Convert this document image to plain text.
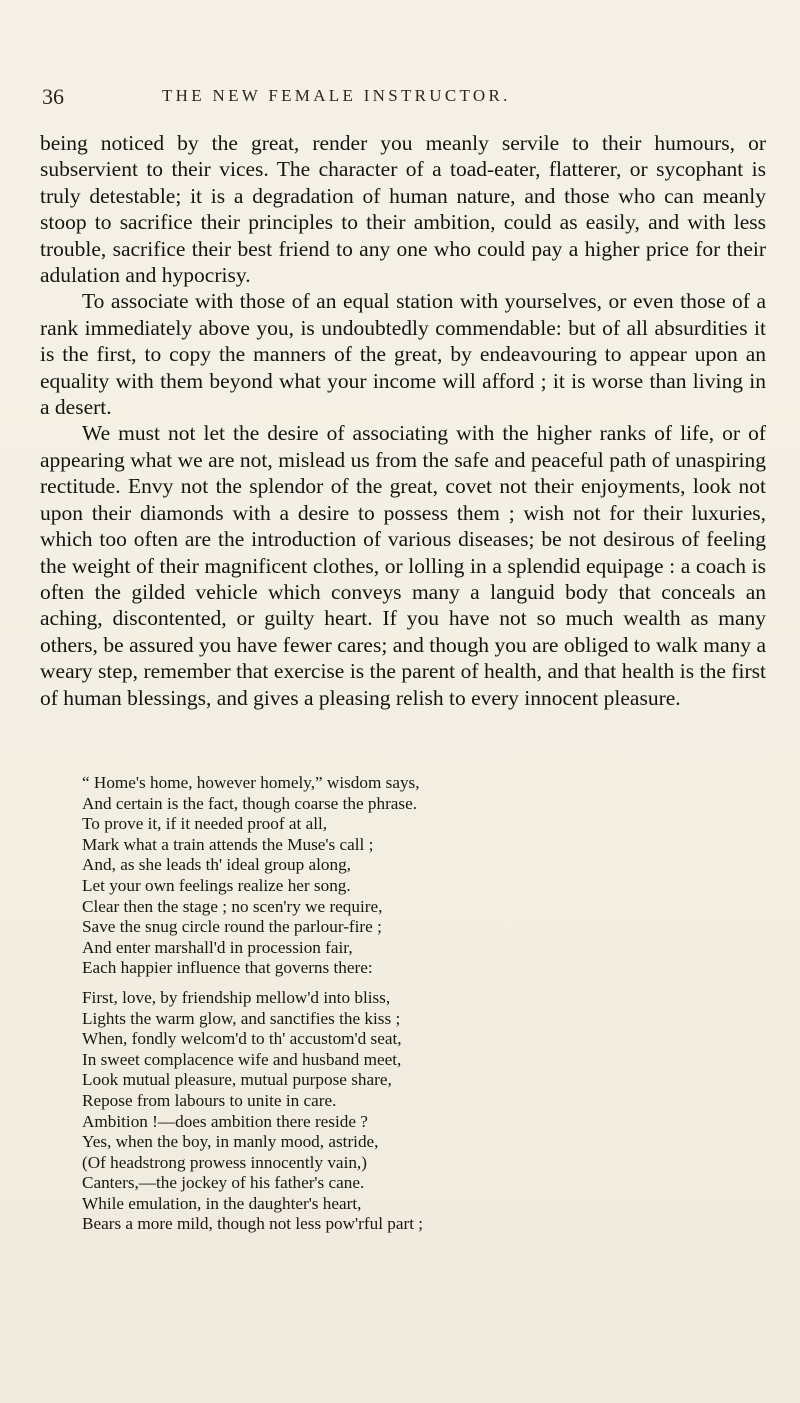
36	THE NEW FEMALE INSTRUCTOR.

being noticed by the great, render you meanly servile to their humours, or subservient to their vices. The character of a toad-eater, flatterer, or sycophant is truly detestable; it is a degradation of human nature, and those who can meanly stoop to sacrifice their principles to their ambition, could as easily, and with less trouble, sacrifice their best friend to any one who could pay a higher price for their adulation and hypocrisy.

To associate with those of an equal station with yourselves, or even those of a rank immediately above you, is undoubtedly commendable: but of all absurdities it is the first, to copy the manners of the great, by endeavouring to appear upon an equality with them beyond what your income will afford ; it is worse than living in a desert.

We must not let the desire of associating with the higher ranks of life, or of appearing what we are not, mislead us from the safe and peaceful path of unaspiring rectitude. Envy not the splendor of the great, covet not their enjoyments, look not upon their diamonds with a desire to possess them ; wish not for their luxuries, which too often are the introduction of various diseases; be not desirous of feeling the weight of their magnificent clothes, or lolling in a splendid equipage : a coach is often the gilded vehicle which conveys many a languid body that conceals an aching, discontented, or guilty heart. If you have not so much wealth as many others, be assured you have fewer cares; and though you are obliged to walk many a weary step, remember that exercise is the parent of health, and that health is the first of human blessings, and gives a pleasing relish to every innocent pleasure.

“ Home's home, however homely,” wisdom says,
And certain is the fact, though coarse the phrase.
To prove it, if it needed proof at all,
Mark what a train attends the Muse's call ;
And, as she leads th' ideal group along,
Let your own feelings realize her song.
Clear then the stage ; no scen'ry we require,
Save the snug circle round the parlour-fire ;
And enter marshall'd in procession fair,
Each happier influence that governs there:
First, love, by friendship mellow'd into bliss,
Lights the warm glow, and sanctifies the kiss ;
When, fondly welcom'd to th' accustom'd seat,
In sweet complacence wife and husband meet,
Look mutual pleasure, mutual purpose share,
Repose from labours to unite in care.
Ambition !—does ambition there reside ?
Yes, when the boy, in manly mood, astride,
(Of headstrong prowess innocently vain,)
Canters,—the jockey of his father's cane.
While emulation, in the daughter's heart,
Bears a more mild, though not less pow'rful part ;
